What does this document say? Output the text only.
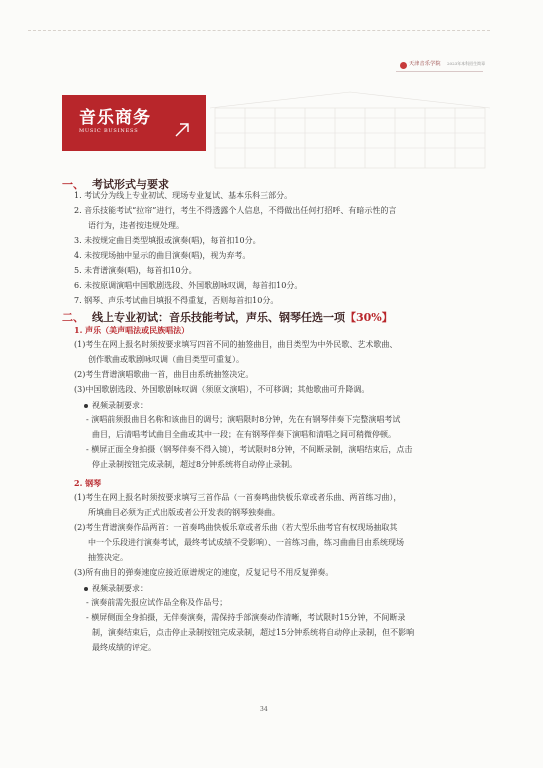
天津音乐学院 2023年本科招生简章
音乐商务
MUSIC BUSINESS
一、 考试形式与要求
1. 考试分为线上专业初试、现场专业复试、基本乐科三部分。
2. 音乐技能考试“拉帘”进行，考生不得透露个人信息，不得做出任何打招呼、有暗示性的言
语行为，违者按违规处理。
3. 未按规定曲目类型填报或演奏(唱)，每首扣10分。
4. 未按现场抽中显示的曲目演奏(唱)，视为弃考。
5. 未背谱演奏(唱)，每首扣10分。
6. 未按原调演唱中国歌剧选段、外国歌剧咏叹调，每首扣10分。
7. 钢琴、声乐考试曲目填报不得重复，否则每首扣10分。
二、 线上专业初试：音乐技能考试，声乐、钢琴任选一项【30%】
1. 声乐（美声唱法或民族唱法）
(1)考生在网上报名时须按要求填写四首不同的抽签曲目，曲目类型为中外民歌、艺术歌曲、
创作歌曲或歌剧咏叹调（曲目类型可重复）。
(2)考生背谱演唱歌曲一首，曲目由系统抽签决定。
(3)中国歌剧选段、外国歌剧咏叹调（须原文演唱），不可移调；其他歌曲可升降调。
视频录制要求：
- 演唱前须报曲目名称和该曲目的调号；演唱限时8分钟，先在有钢琴伴奏下完整演唱考试
曲目，后清唱考试曲目全曲或其中一段；在有钢琴伴奏下演唱和清唱之间可稍微停顿。
- 横屏正面全身拍摄（钢琴伴奏不得入镜），考试限时8分钟，不间断录制，演唱结束后，点击
停止录制按钮完成录制，超过8分钟系统将自动停止录制。
2. 钢琴
(1)考生在网上报名时须按要求填写三首作品（一首奏鸣曲快板乐章或者乐曲、两首练习曲），
所填曲目必须为正式出版或者公开发表的钢琴独奏曲。
(2)考生背谱演奏作品两首：一首奏鸣曲快板乐章或者乐曲（若大型乐曲考官有权现场抽取其
中一个乐段进行演奏考试，最终考试成绩不受影响）、一首练习曲，练习曲曲目由系统现场
抽签决定。
(3)所有曲目的弹奏速度应接近原谱规定的速度，反复记号不用反复弹奏。
视频录制要求：
- 演奏前需先报应试作品全称及作品号；
- 横屏侧面全身拍摄，无伴奏演奏，需保持手部演奏动作清晰，考试限时15分钟，不间断录
制，演奏结束后，点击停止录制按钮完成录制，超过15分钟系统将自动停止录制，但不影响
最终成绩的评定。
34
